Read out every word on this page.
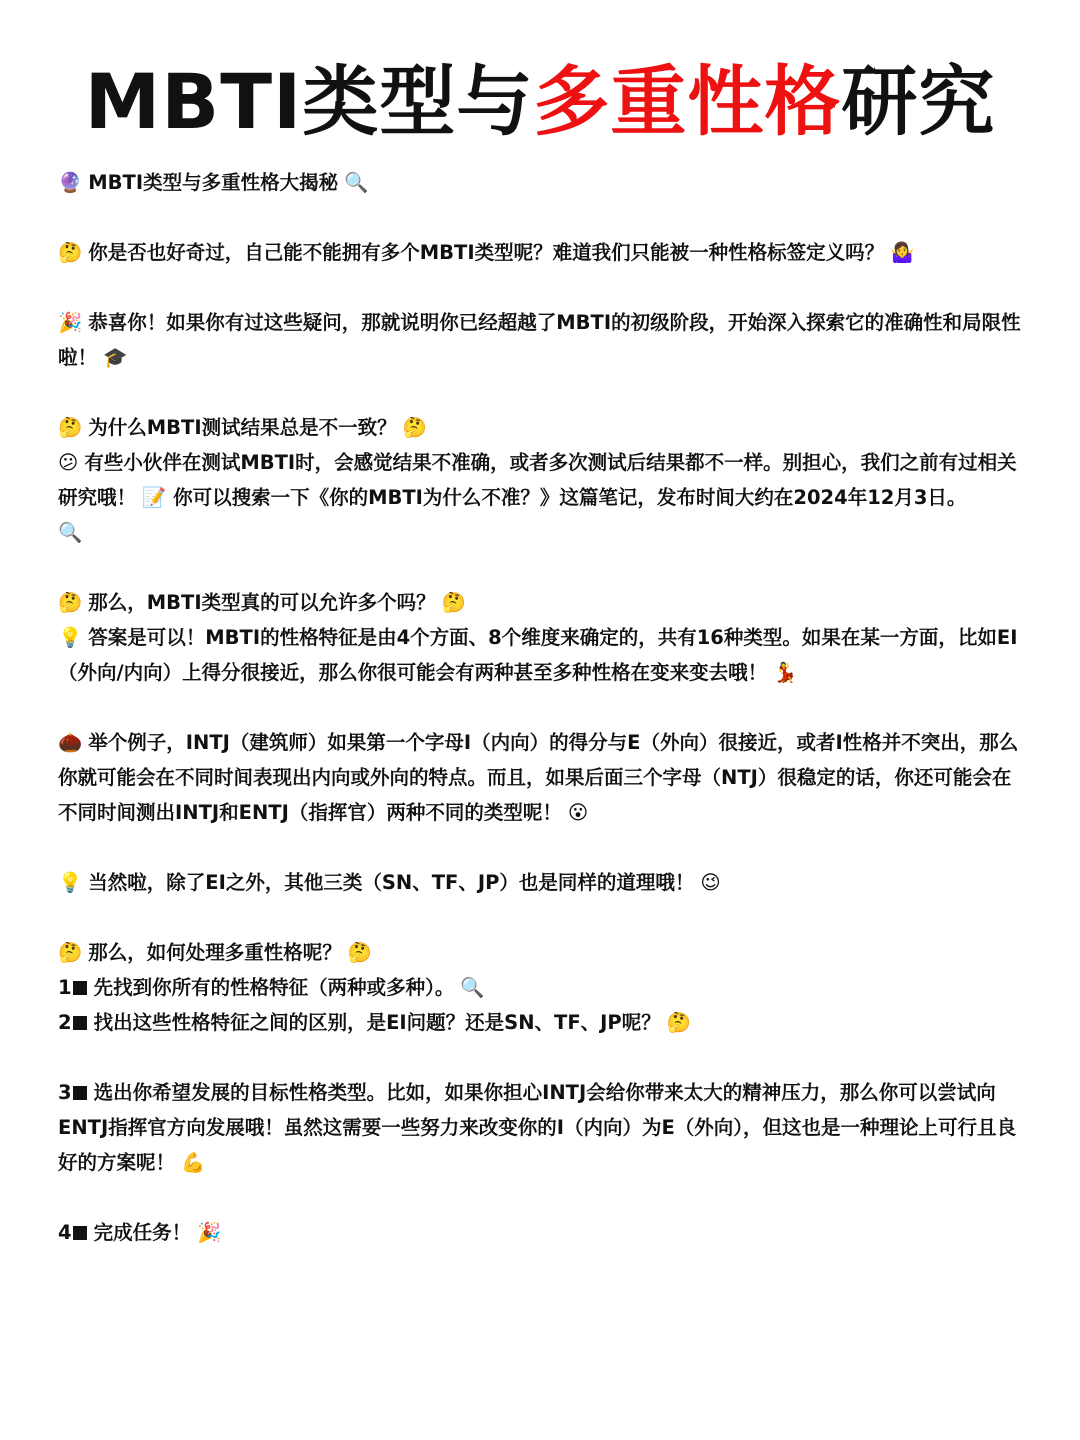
MBTI类型与多重性格研究

🔮 MBTI类型与多重性格大揭秘 🔍

🤔 你是否也好奇过，自己能不能拥有多个MBTI类型呢？难道我们只能被一种性格标签定义吗？ 🤷‍♀

🎉 恭喜你！如果你有过这些疑问，那就说明你已经超越了MBTI的初级阶段，开始深入探索它的准确性和局限性啦！ 🎓

🤔 为什么MBTI测试结果总是不一致？ 🤔

😕 有些小伙伴在测试MBTI时，会感觉结果不准确，或者多次测试后结果都不一样。别担心，我们之前有过相关研究哦！ 📝 你可以搜索一下《你的MBTI为什么不准？》这篇笔记，发布时间大约在2024年12月3日。
🔍

🤔 那么，MBTI类型真的可以允许多个吗？ 🤔

💡 答案是可以！MBTI的性格特征是由4个方面、8个维度来确定的，共有16种类型。如果在某一方面，比如EI（外向/内向）上得分很接近，那么你很可能会有两种甚至多种性格在变来变去哦！ 💃

🌰 举个例子，INTJ（建筑师）如果第一个字母I（内向）的得分与E（外向）很接近，或者I性格并不突出，那么你就可能会在不同时间表现出内向或外向的特点。而且，如果后面三个字母（NTJ）很稳定的话，你还可能会在不同时间测出INTJ和ENTJ（指挥官）两种不同的类型呢！ 😮

💡 当然啦，除了EI之外，其他三类（SN、TF、JP）也是同样的道理哦！ 😉

🤔 那么，如何处理多重性格呢？ 🤔

1 先找到你所有的性格特征（两种或多种）。 🔍

2 找出这些性格特征之间的区别，是EI问题？还是SN、TF、JP呢？ 🤔

3 选出你希望发展的目标性格类型。比如，如果你担心INTJ会给你带来太大的精神压力，那么你可以尝试向ENTJ指挥官方向发展哦！虽然这需要一些努力来改变你的I（内向）为E（外向），但这也是一种理论上可行且良好的方案呢！ 💪

4 完成任务！ 🎉
